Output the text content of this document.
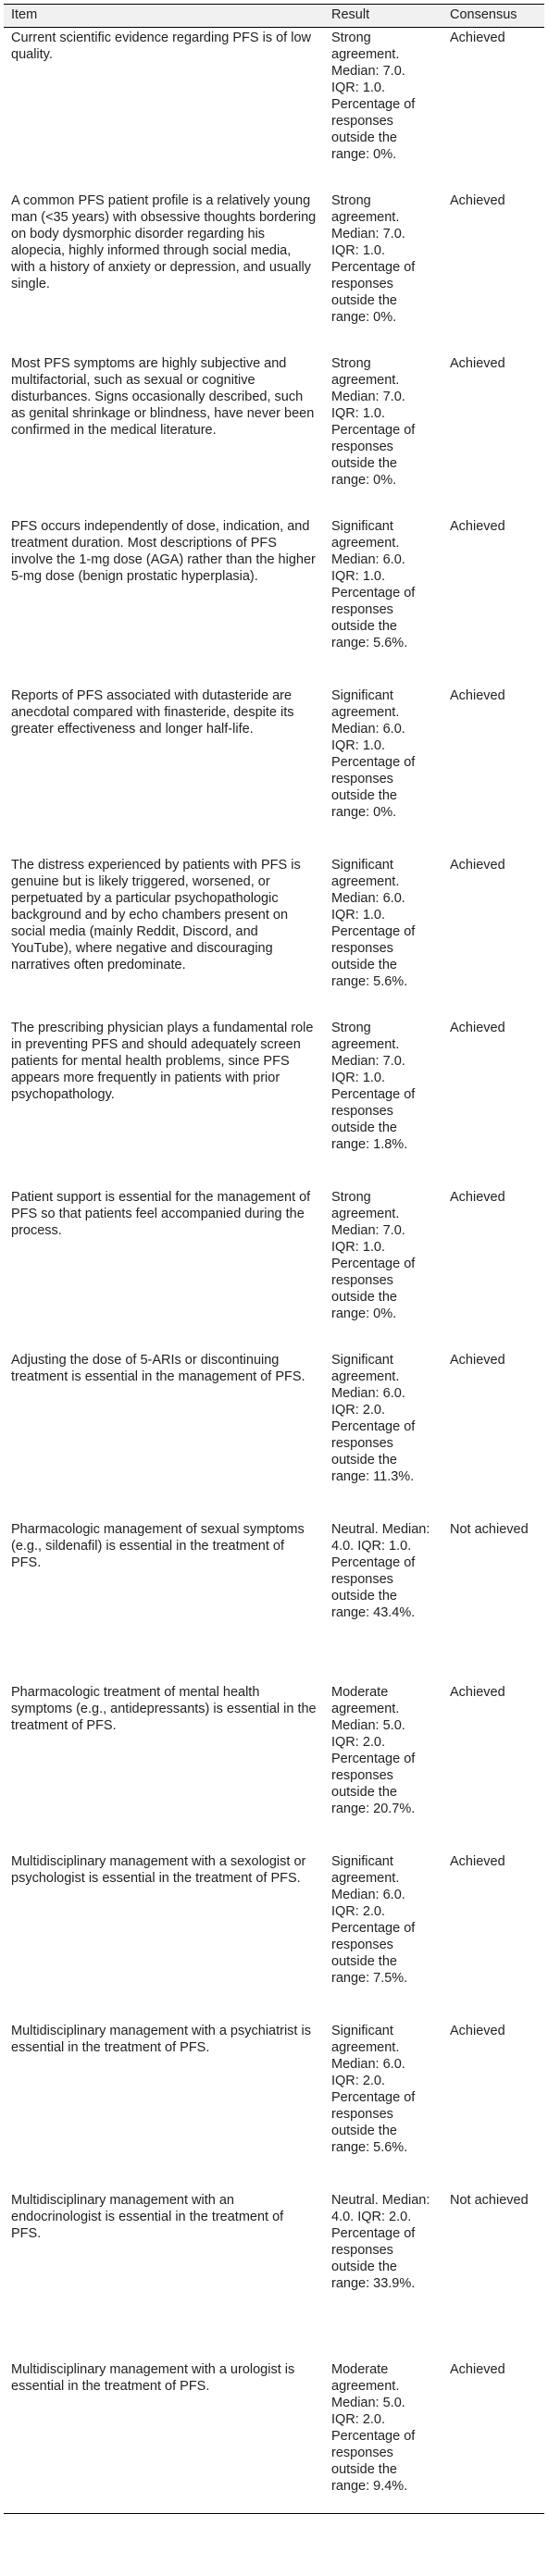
Item	Result	Consensus
Current scientific evidence regarding PFS is of low quality.	Strong agreement. Median: 7.0. IQR: 1.0. Percentage of responses outside the range: 0%.	Achieved
A common PFS patient profile is a relatively young man (<35 years) with obsessive thoughts bordering on body dysmorphic disorder regarding his alopecia, highly informed through social media, with a history of anxiety or depression, and usually single.	Strong agreement. Median: 7.0. IQR: 1.0. Percentage of responses outside the range: 0%.	Achieved
Most PFS symptoms are highly subjective and multifactorial, such as sexual or cognitive disturbances. Signs occasionally described, such as genital shrinkage or blindness, have never been confirmed in the medical literature.	Strong agreement. Median: 7.0. IQR: 1.0. Percentage of responses outside the range: 0%.	Achieved
PFS occurs independently of dose, indication, and treatment duration. Most descriptions of PFS involve the 1-mg dose (AGA) rather than the higher 5-mg dose (benign prostatic hyperplasia).	Significant agreement. Median: 6.0. IQR: 1.0. Percentage of responses outside the range: 5.6%.	Achieved
Reports of PFS associated with dutasteride are anecdotal compared with finasteride, despite its greater effectiveness and longer half-life.	Significant agreement. Median: 6.0. IQR: 1.0. Percentage of responses outside the range: 0%.	Achieved
The distress experienced by patients with PFS is genuine but is likely triggered, worsened, or perpetuated by a particular psychopathologic background and by echo chambers present on social media (mainly Reddit, Discord, and YouTube), where negative and discouraging narratives often predominate.	Significant agreement. Median: 6.0. IQR: 1.0. Percentage of responses outside the range: 5.6%.	Achieved
The prescribing physician plays a fundamental role in preventing PFS and should adequately screen patients for mental health problems, since PFS appears more frequently in patients with prior psychopathology.	Strong agreement. Median: 7.0. IQR: 1.0. Percentage of responses outside the range: 1.8%.	Achieved
Patient support is essential for the management of PFS so that patients feel accompanied during the process.	Strong agreement. Median: 7.0. IQR: 1.0. Percentage of responses outside the range: 0%.	Achieved
Adjusting the dose of 5-ARIs or discontinuing treatment is essential in the management of PFS.	Significant agreement. Median: 6.0. IQR: 2.0. Percentage of responses outside the range: 11.3%.	Achieved
Pharmacologic management of sexual symptoms (e.g., sildenafil) is essential in the treatment of PFS.	Neutral. Median: 4.0. IQR: 1.0. Percentage of responses outside the range: 43.4%.	Not achieved
Pharmacologic treatment of mental health symptoms (e.g., antidepressants) is essential in the treatment of PFS.	Moderate agreement. Median: 5.0. IQR: 2.0. Percentage of responses outside the range: 20.7%.	Achieved
Multidisciplinary management with a sexologist or psychologist is essential in the treatment of PFS.	Significant agreement. Median: 6.0. IQR: 2.0. Percentage of responses outside the range: 7.5%.	Achieved
Multidisciplinary management with a psychiatrist is essential in the treatment of PFS.	Significant agreement. Median: 6.0. IQR: 2.0. Percentage of responses outside the range: 5.6%.	Achieved
Multidisciplinary management with an endocrinologist is essential in the treatment of PFS.	Neutral. Median: 4.0. IQR: 2.0. Percentage of responses outside the range: 33.9%.	Not achieved
Multidisciplinary management with a urologist is essential in the treatment of PFS.	Moderate agreement. Median: 5.0. IQR: 2.0. Percentage of responses outside the range: 9.4%.	Achieved
